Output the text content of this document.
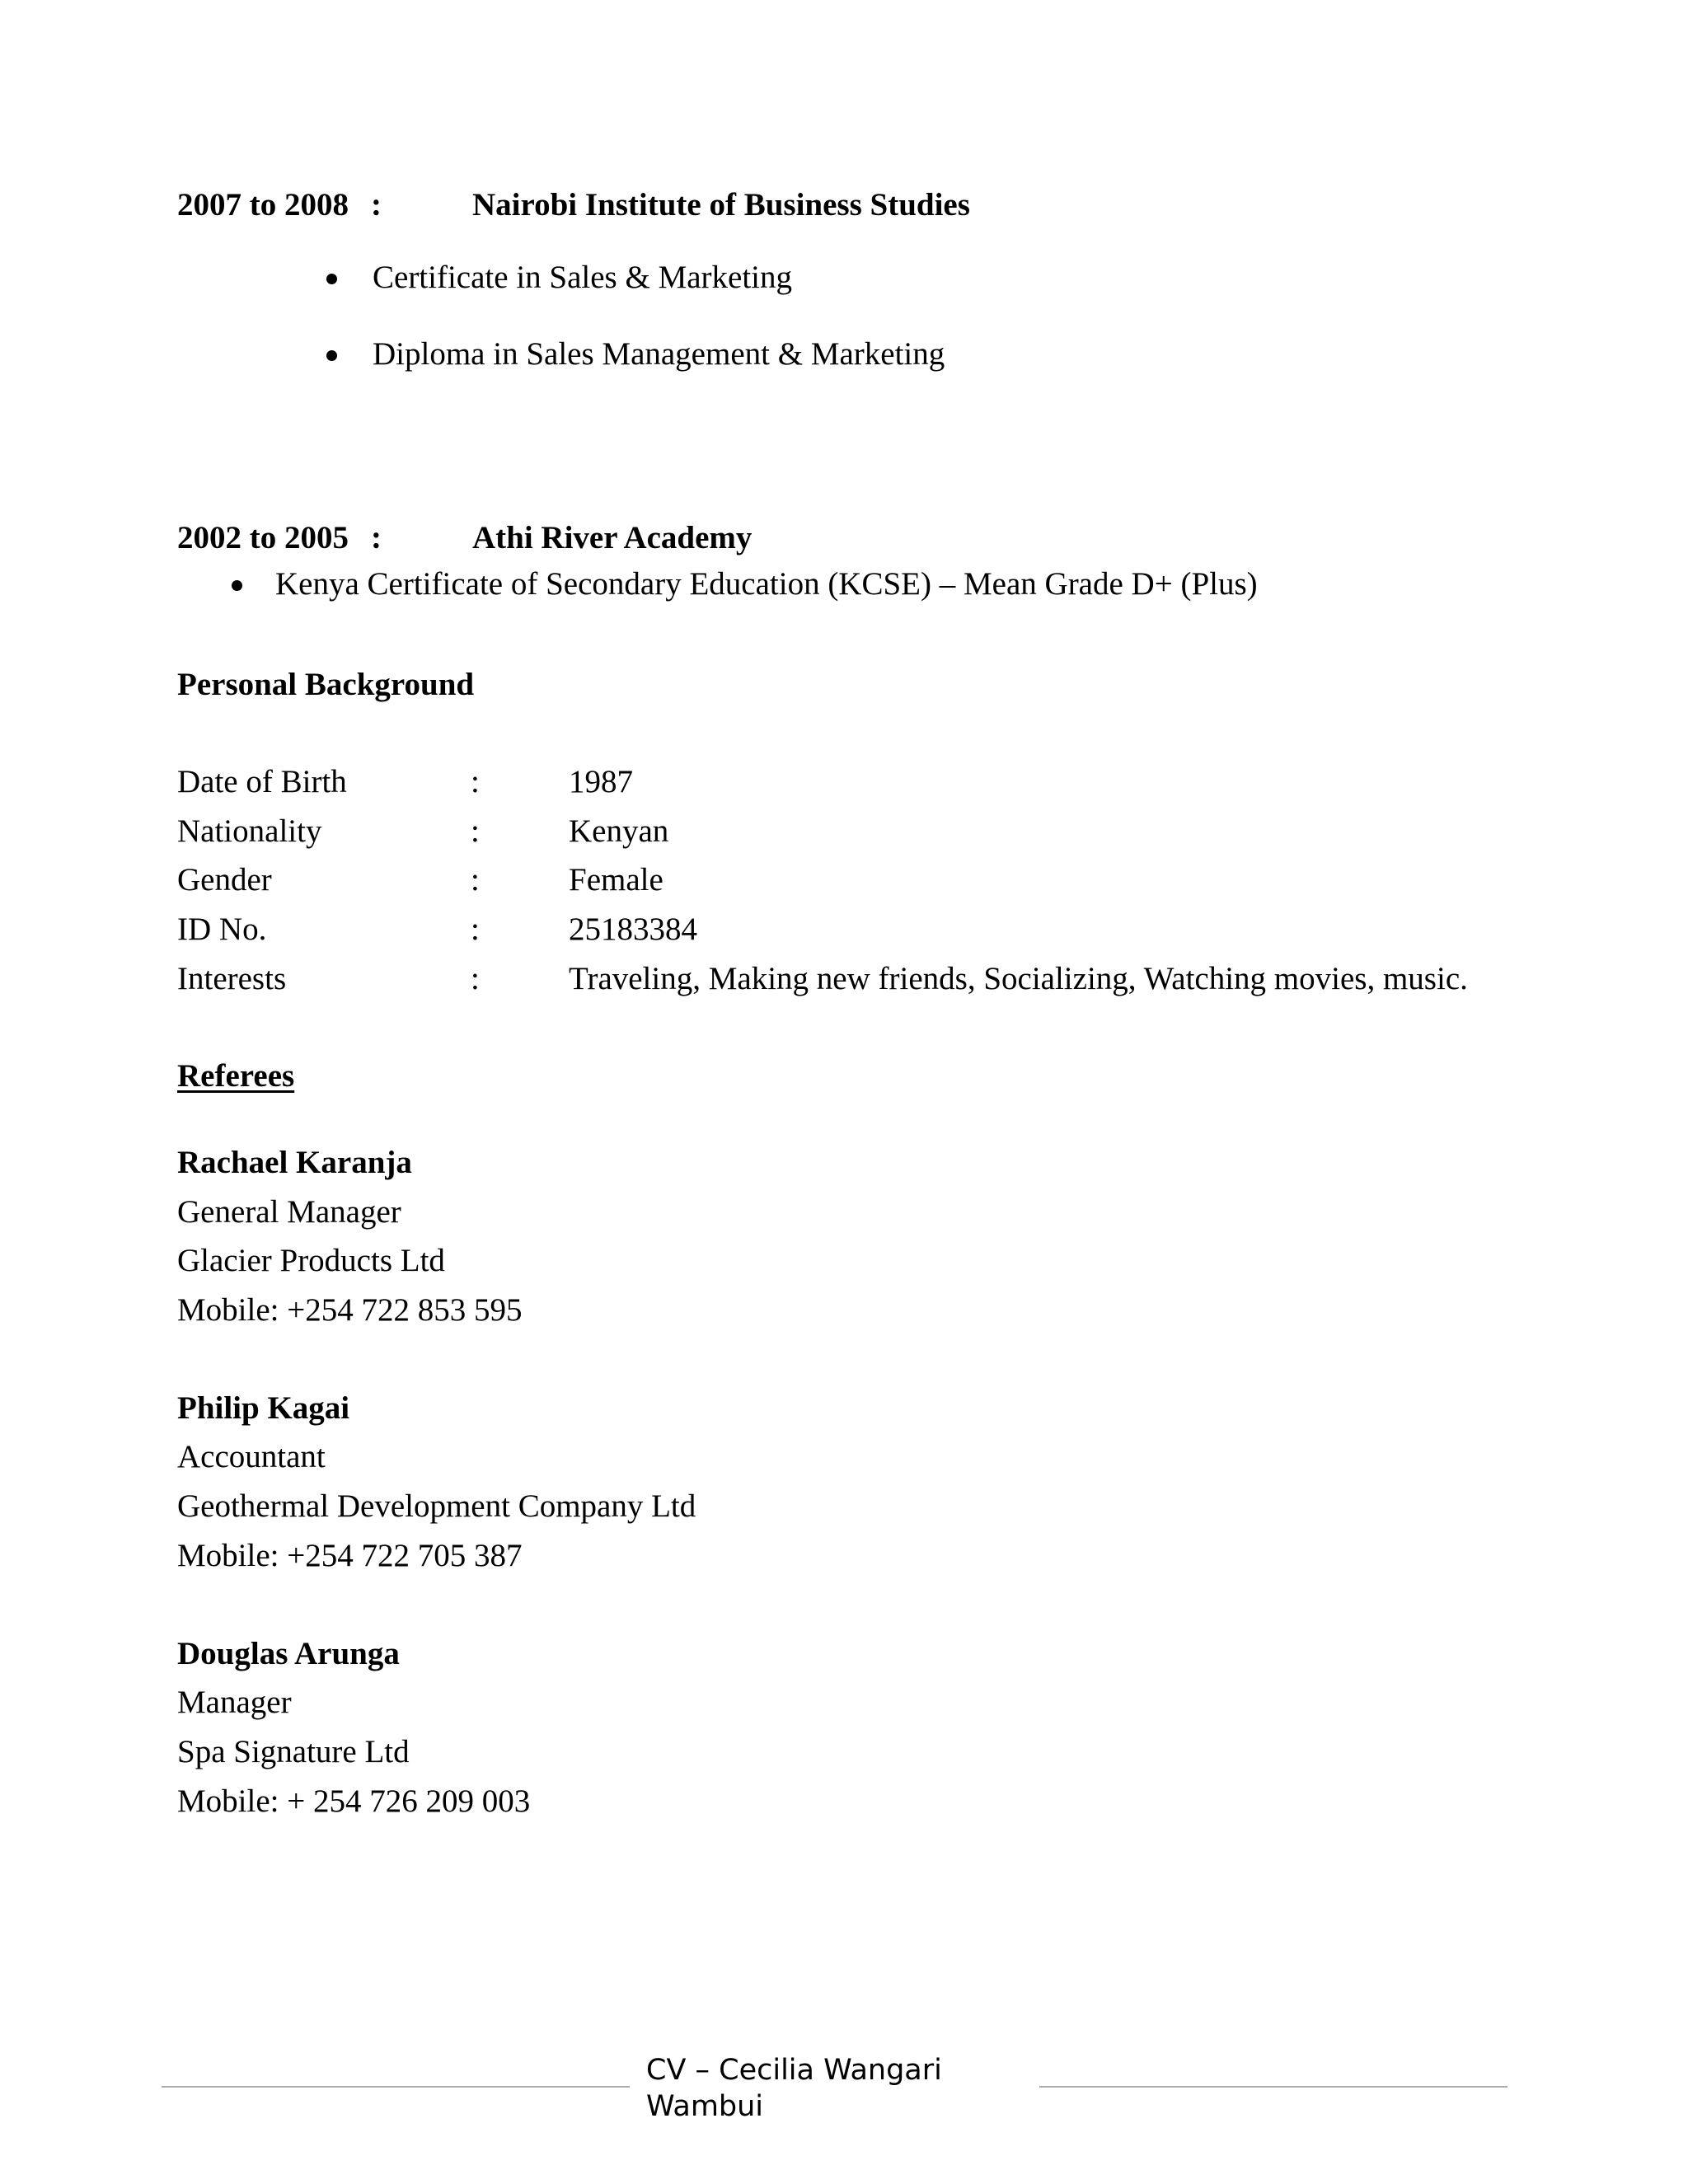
2007 to 2008 :	Nairobi Institute of Business Studies
Certificate in Sales & Marketing
Diploma in Sales Management & Marketing
2002 to 2005 :	Athi River Academy
Kenya Certificate of Secondary Education (KCSE) – Mean Grade D+ (Plus)
Personal Background
Date of Birth	:	1987
Nationality	:	Kenyan
Gender	:	Female
ID No.	:	25183384
Interests	:	Traveling, Making new friends, Socializing, Watching movies, music.
Referees
Rachael Karanja
General Manager
Glacier Products Ltd
Mobile: +254 722 853 595
Philip Kagai
Accountant
Geothermal Development Company Ltd
Mobile: +254 722 705 387
Douglas Arunga
Manager
Spa Signature Ltd
Mobile: + 254 726 209 003
CV – Cecilia Wangari
Wambui
